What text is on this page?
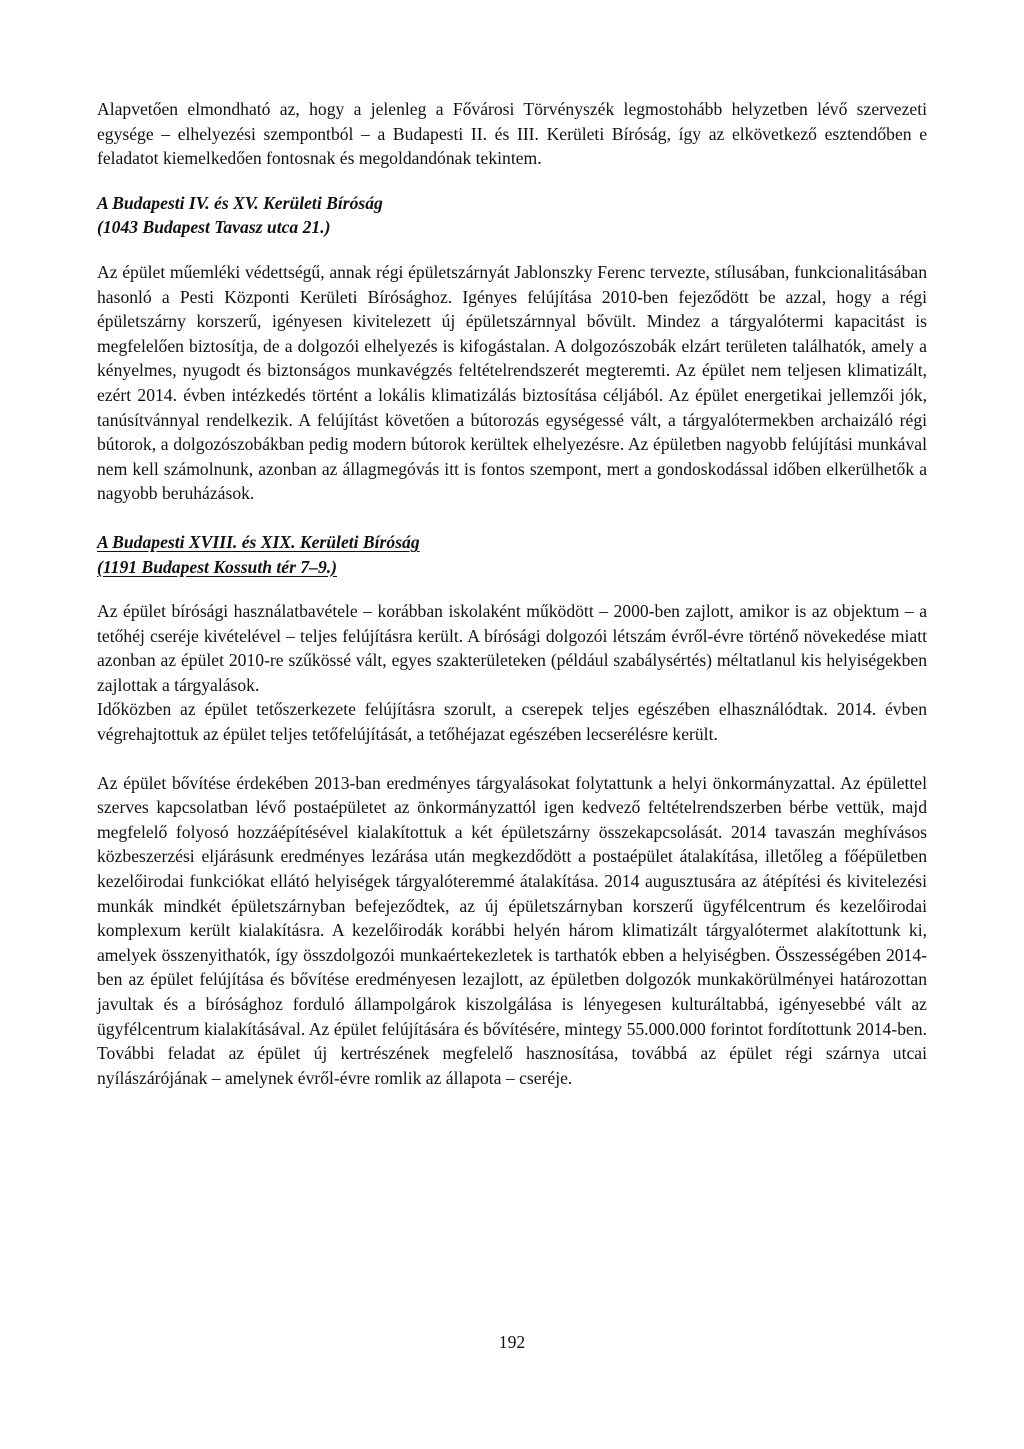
Alapvetően elmondható az, hogy a jelenleg a Fővárosi Törvényszék legmostohább helyzetben lévő szervezeti egysége – elhelyezési szempontból – a Budapesti II. és III. Kerületi Bíróság, így az elkövetkező esztendőben e feladatot kiemelkedően fontosnak és megoldandónak tekintem.

A Budapesti IV. és XV. Kerületi Bíróság
(1043 Budapest Tavasz utca 21.)

Az épület műemléki védettségű, annak régi épületszárnyát Jablonszky Ferenc tervezte, stílusában, funkcionalitásában hasonló a Pesti Központi Kerületi Bírósághoz. Igényes felújítása 2010-ben fejeződött be azzal, hogy a régi épületszárny korszerű, igényesen kivitelezett új épületszárnnyal bővült. Mindez a tárgyalótermi kapacitást is megfelelően biztosítja, de a dolgozói elhelyezés is kifogástalan. A dolgozószobák elzárt területen találhatók, amely a kényelmes, nyugodt és biztonságos munkavégzés feltételrendszerét megteremti. Az épület nem teljesen klimatizált, ezért 2014. évben intézkedés történt a lokális klimatizálás biztosítása céljából. Az épület energetikai jellemzői jók, tanúsítvánnyal rendelkezik. A felújítást követően a bútorozás egységessé vált, a tárgyalótermekben archaizáló régi bútorok, a dolgozószobákban pedig modern bútorok kerültek elhelyezésre. Az épületben nagyobb felújítási munkával nem kell számolnunk, azonban az állagmegóvás itt is fontos szempont, mert a gondoskodással időben elkerülhetők a nagyobb beruházások.

A Budapesti XVIII. és XIX. Kerületi Bíróság
(1191 Budapest Kossuth tér 7–9.)

Az épület bírósági használatbavétele – korábban iskolaként működött – 2000-ben zajlott, amikor is az objektum – a tetőhéj cseréje kivételével – teljes felújításra került. A bírósági dolgozói létszám évről-évre történő növekedése miatt azonban az épület 2010-re szűkössé vált, egyes szakterületeken (például szabálysértés) méltatlanul kis helyiségekben zajlottak a tárgyalások.

Időközben az épület tetőszerkezete felújításra szorult, a cserepek teljes egészében elhasználódtak. 2014. évben végrehajtottuk az épület teljes tetőfelújítását, a tetőhéjazat egészében lecserélésre került.

Az épület bővítése érdekében 2013-ban eredményes tárgyalásokat folytattunk a helyi önkormányzattal. Az épülettel szerves kapcsolatban lévő postaépületet az önkormányzattól igen kedvező feltételrendszerben bérbe vettük, majd megfelelő folyosó hozzáépítésével kialakítottuk a két épületszárny összekapcsolását. 2014 tavaszán meghívásos közbeszerzési eljárásunk eredményes lezárása után megkezdődött a postaépület átalakítása, illetőleg a főépületben kezelőirodai funkciókat ellátó helyiségek tárgyalóteremmé átalakítása. 2014 augusztusára az átépítési és kivitelezési munkák mindkét épületszárnyban befejeződtek, az új épületszárnyban korszerű ügyfélcentrum és kezelőirodai komplexum került kialakításra. A kezelőirodák korábbi helyén három klimatizált tárgyalótermet alakítottunk ki, amelyek összenyithatók, így összdolgozói munkaértekezletek is tarthatók ebben a helyiségben. Összességében 2014-ben az épület felújítása és bővítése eredményesen lezajlott, az épületben dolgozók munkakörülményei határozottan javultak és a bírósághoz forduló állampolgárok kiszolgálása is lényegesen kulturáltabbá, igényesebbé vált az ügyfélcentrum kialakításával. Az épület felújítására és bővítésére, mintegy 55.000.000 forintot fordítottunk 2014-ben. További feladat az épület új kertrészének megfelelő hasznosítása, továbbá az épület régi szárnya utcai nyílászárójának – amelynek évről-évre romlik az állapota – cseréje.

192
